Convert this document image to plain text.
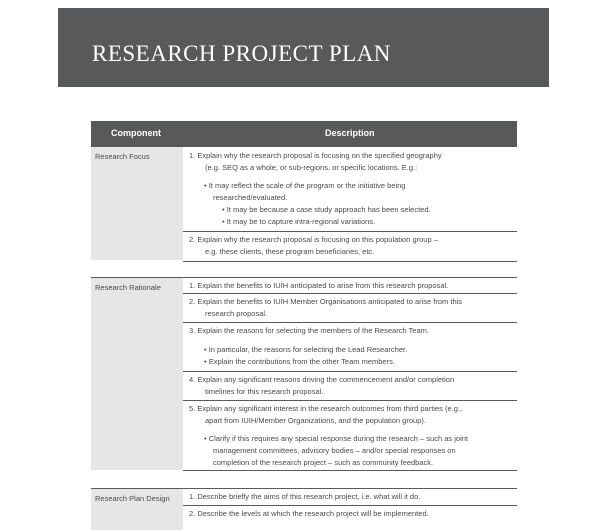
RESEARCH PROJECT PLAN
Component	Description
Research Focus	1. Explain why the research proposal is focusing on the specified geography
(e.g. SEQ as a whole, or sub-regions, or specific locations. E.g.:
• It may reflect the scale of the program or the initiative being
researched/evaluated.
• It may be because a case study approach has been selected.
• It may be to capture intra-regional variations.
2. Explain why the research proposal is focusing on this population group –
e.g. these clients, these program beneficiaries, etc.
Research Rationale	1. Explain the benefits to IUIH anticipated to arise from this research proposal.
2. Explain the benefits to IUIH Member Organisations anticipated to arise from this
research proposal.
3. Explain the reasons for selecting the members of the Research Team.
• In particular, the reasons for selecting the Lead Researcher.
• Explain the contributions from the other Team members.
4. Explain any significant reasons driving the commencement and/or completion
timelines for this research proposal.
5. Explain any significant interest in the research outcomes from third parties (e.g.,
apart from IUIH/Member Organizations, and the population group).
• Clarify if this requires any special response during the research – such as joint
management committees, advisory bodies – and/or special responses on
completion of the research project – such as community feedback.
Research Plan Design	1. Describe briefly the aims of this research project, i.e. what will it do.
2. Describe the levels at which the research project will be implemented.
